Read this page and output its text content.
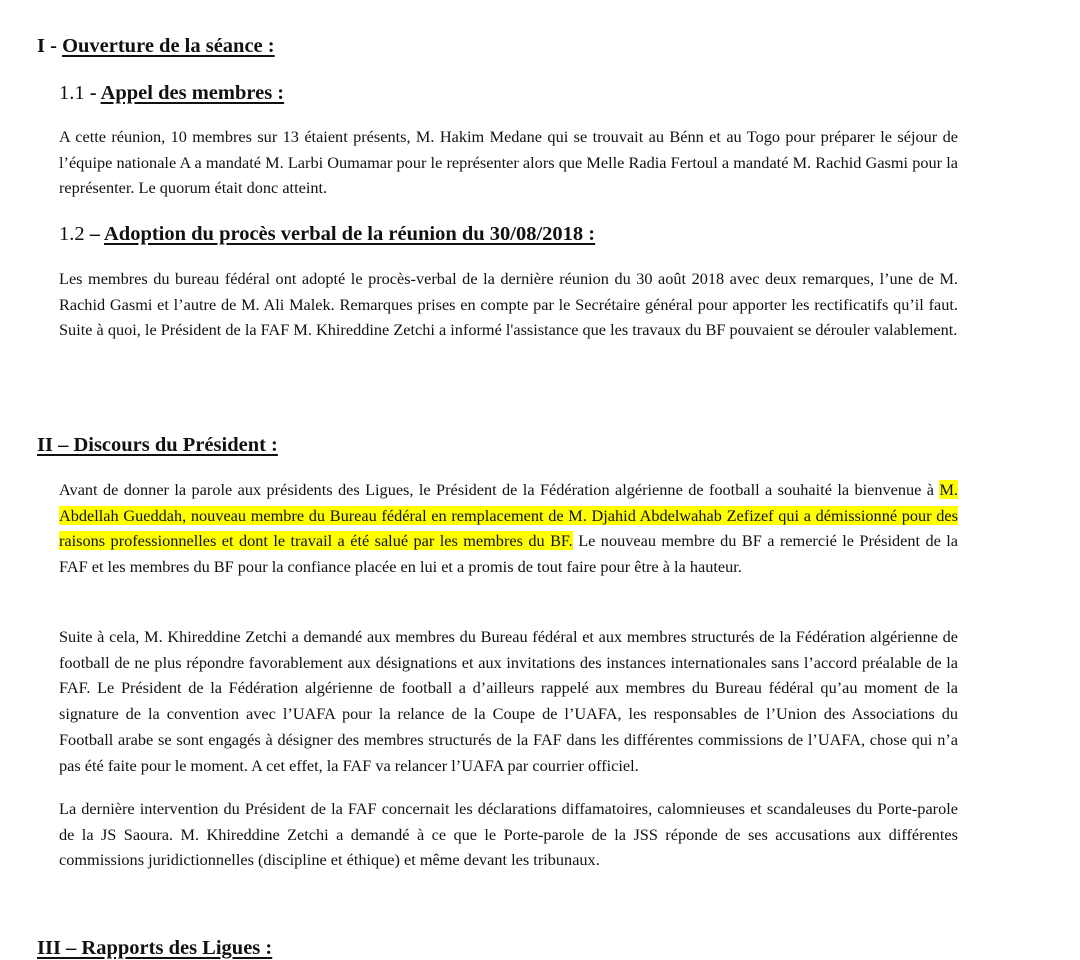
I - Ouverture de la séance :
1.1 - Appel des membres :

A cette réunion, 10 membres sur 13 étaient présents, M. Hakim Medane qui se trouvait au Bénn et au Togo pour préparer le séjour de l’équipe nationale A a mandaté M. Larbi Oumamar pour le représenter alors que Melle Radia Fertoul a mandaté M. Rachid Gasmi pour la représenter. Le quorum était donc atteint.

1.2 – Adoption du procès verbal de la réunion du 30/08/2018 :

Les membres du bureau fédéral ont adopté le procès-verbal de la dernière réunion du 30 août 2018 avec deux remarques, l’une de M. Rachid Gasmi et l’autre de M. Ali Malek. Remarques prises en compte par le Secrétaire général pour apporter les rectificatifs qu’il faut. Suite à quoi, le Président de la FAF M. Khireddine Zetchi a informé l'assistance que les travaux du BF pouvaient se dérouler valablement.

II – Discours du Président :

Avant de donner la parole aux présidents des Ligues, le Président de la Fédération algérienne de football a souhaité la bienvenue à M. Abdellah Gueddah, nouveau membre du Bureau fédéral en remplacement de M. Djahid Abdelwahab Zefizef qui a démissionné pour des raisons professionnelles et dont le travail a été salué par les membres du BF. Le nouveau membre du BF a remercié le Président de la FAF et les membres du BF pour la confiance placée en lui et a promis de tout faire pour être à la hauteur.

Suite à cela, M. Khireddine Zetchi a demandé aux membres du Bureau fédéral et aux membres structurés de la Fédération algérienne de football de ne plus répondre favorablement aux désignations et aux invitations des instances internationales sans l’accord préalable de la FAF. Le Président de la Fédération algérienne de football a d’ailleurs rappelé aux membres du Bureau fédéral qu’au moment de la signature de la convention avec l’UAFA pour la relance de la Coupe de l’UAFA, les responsables de l’Union des Associations du Football arabe se sont engagés à désigner des membres structurés de la FAF dans les différentes commissions de l’UAFA, chose qui n’a pas été faite pour le moment. A cet effet, la FAF va relancer l’UAFA par courrier officiel.

La dernière intervention du Président de la FAF concernait les déclarations diffamatoires, calomnieuses et scandaleuses du Porte-parole de la JS Saoura. M. Khireddine Zetchi a demandé à ce que le Porte-parole de la JSS réponde de ses accusations aux différentes commissions juridictionnelles (discipline et éthique) et même devant les tribunaux.

III – Rapports des Ligues :
